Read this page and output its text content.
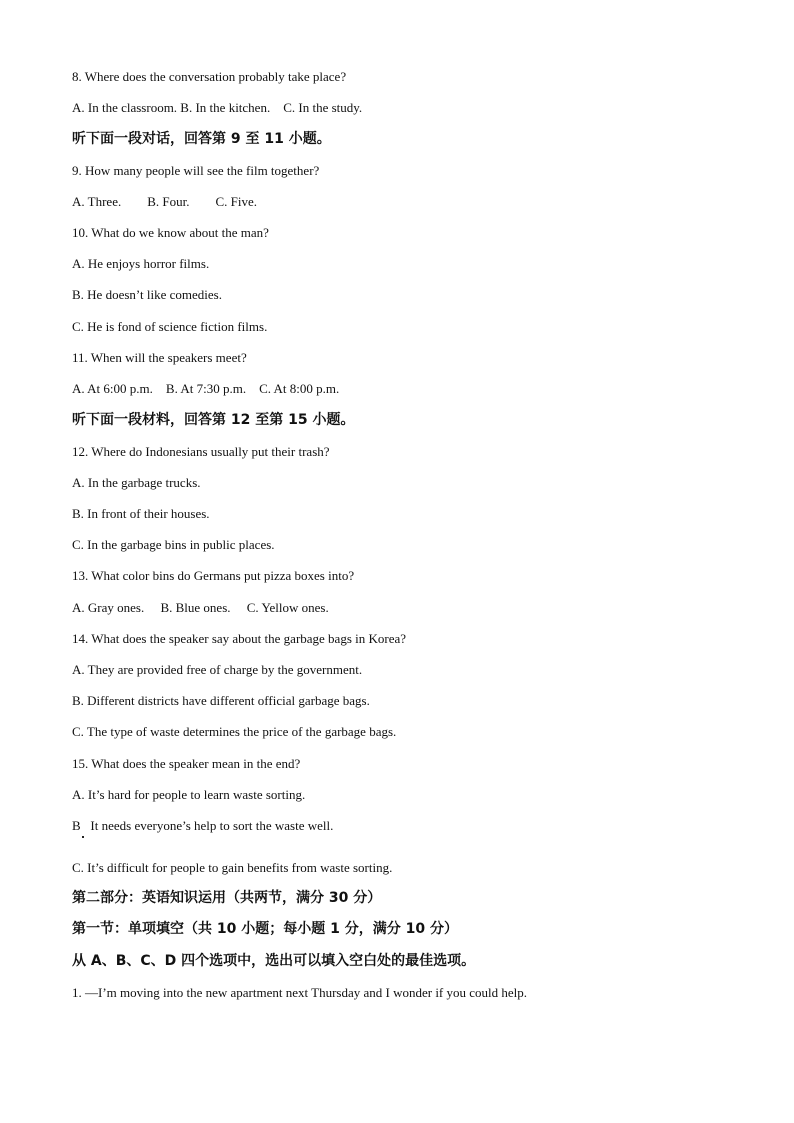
8. Where does the conversation probably take place?
A. In the classroom. B. In the kitchen.    C. In the study.
听下面一段对话，回答第 9 至 11 小题。
9. How many people will see the film together?
A. Three.        B. Four.        C. Five.
10. What do we know about the man?
A. He enjoys horror films.
B. He doesn’t like comedies.
C. He is fond of science fiction films.
11. When will the speakers meet?
A. At 6:00 p.m.    B. At 7:30 p.m.    C. At 8:00 p.m.
听下面一段材料，回答第 12 至第 15 小题。
12. Where do Indonesians usually put their trash?
A. In the garbage trucks.
B. In front of their houses.
C. In the garbage bins in public places.
13. What color bins do Germans put pizza boxes into?
A. Gray ones.     B. Blue ones.     C. Yellow ones.
14. What does the speaker say about the garbage bags in Korea?
A. They are provided free of charge by the government.
B. Different districts have different official garbage bags.
C. The type of waste determines the price of the garbage bags.
15. What does the speaker mean in the end?
A. It’s hard for people to learn waste sorting.
B   It needs everyone’s help to sort the waste well.
C. It’s difficult for people to gain benefits from waste sorting.
第二部分：英语知识运用（共两节，满分 30 分）
第一节：单项填空（共 10 小题；每小题 1 分，满分 10 分）
从 A、B、C、D 四个选项中，选出可以填入空白处的最佳选项。
1. —I’m moving into the new apartment next Thursday and I wonder if you could help.
